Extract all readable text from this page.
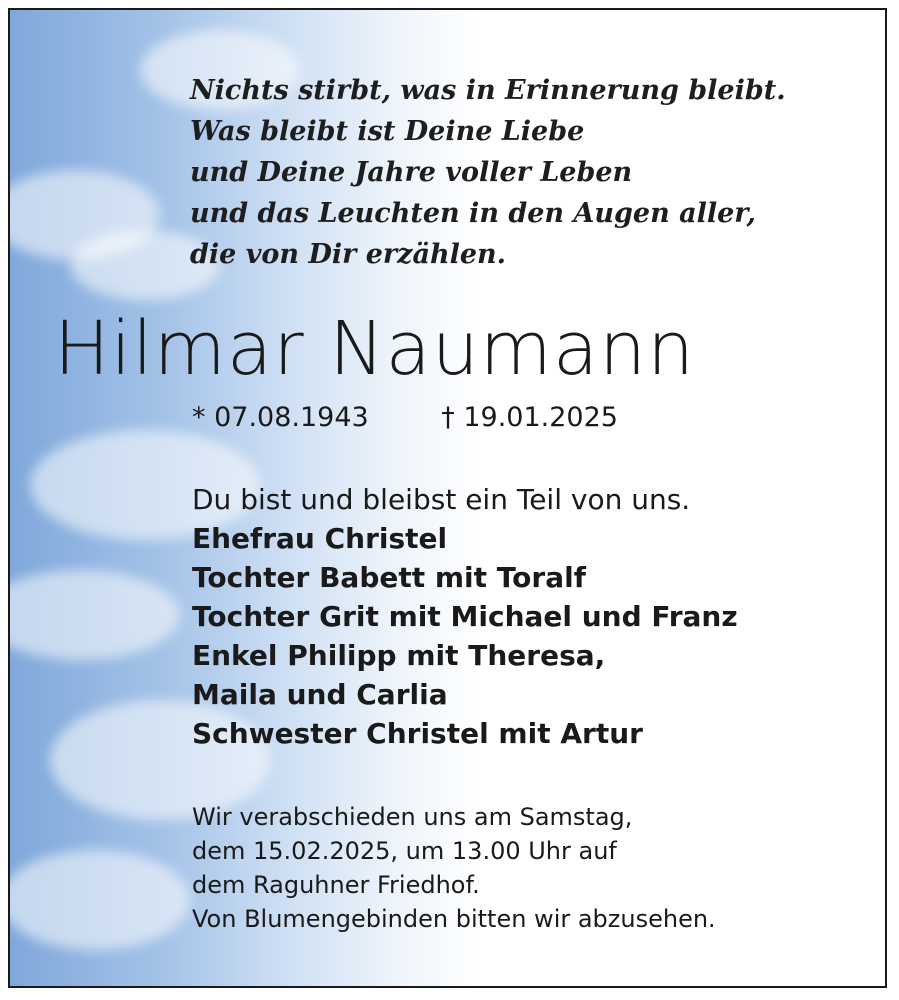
Nichts stirbt, was in Erinnerung bleibt.
Was bleibt ist Deine Liebe
und Deine Jahre voller Leben
und das Leuchten in den Augen aller,
die von Dir erzählen.
Hilmar Naumann
* 07.08.1943	† 19.01.2025
Du bist und bleibst ein Teil von uns.
Ehefrau Christel
Tochter Babett mit Toralf
Tochter Grit mit Michael und Franz
Enkel Philipp mit Theresa,
Maila und Carlia
Schwester Christel mit Artur
Wir verabschieden uns am Samstag,
dem 15.02.2025, um 13.00 Uhr auf
dem Raguhner Friedhof.
Von Blumengebinden bitten wir abzusehen.
